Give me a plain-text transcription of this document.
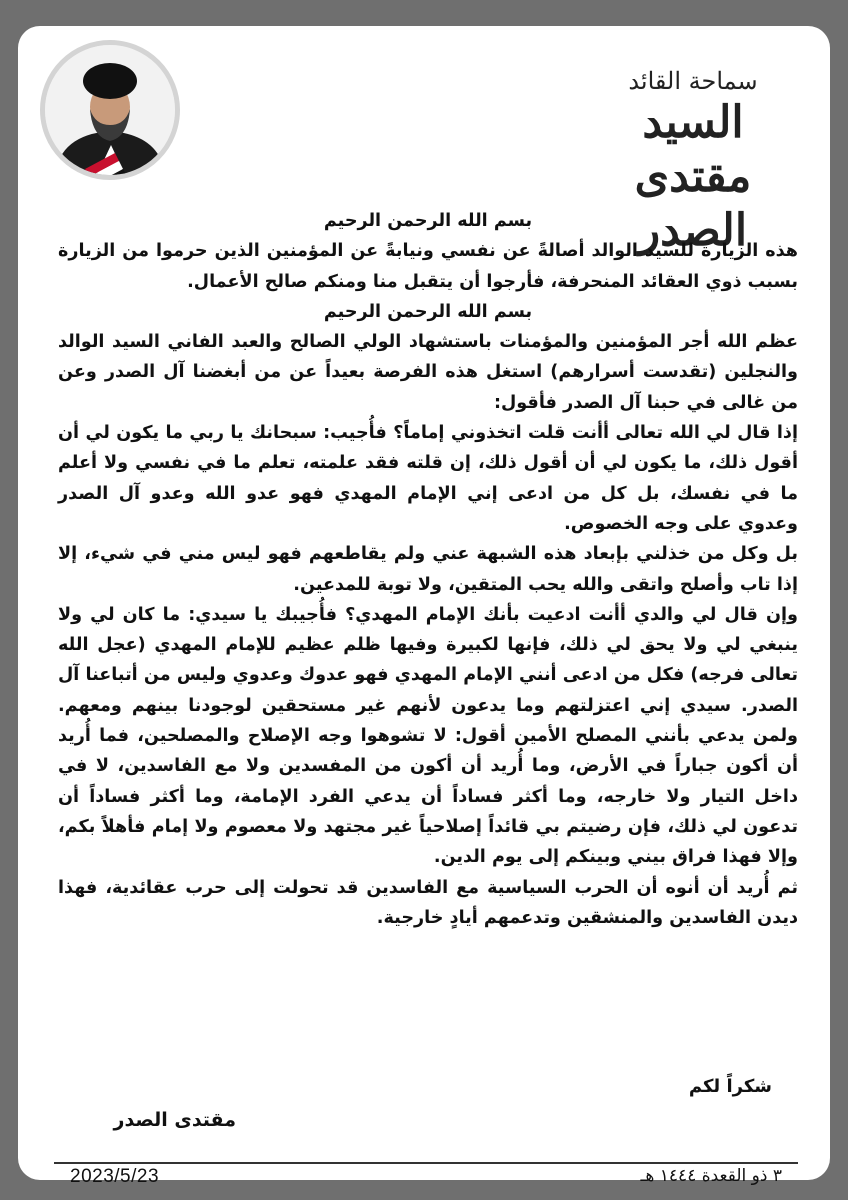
سماحة القائد
السيد مقتدى الصدر

بسم الله الرحمن الرحيم

هذه الزيارة للسيد الوالد أصالةً عن نفسي ونيابةً عن المؤمنين الذين حرموا من الزيارة بسبب ذوي العقائد المنحرفة، فأرجوا أن يتقبل منا ومنكم صالح الأعمال.

بسم الله الرحمن الرحيم

عظم الله أجر المؤمنين والمؤمنات باستشهاد الولي الصالح والعبد الفاني السيد الوالد والنجلين (تقدست أسرارهم) استغل هذه الفرصة بعيداً عن من أبغضنا آل الصدر وعن من غالى في حبنا آل الصدر فأقول:

إذا قال لي الله تعالى أأنت قلت اتخذوني إماماً؟ فأُجيب: سبحانك يا ربي ما يكون لي أن أقول ذلك، ما يكون لي أن أقول ذلك، إن قلته فقد علمته، تعلم ما في نفسي ولا أعلم ما في نفسك، بل كل من ادعى إني الإمام المهدي فهو عدو الله وعدو آل الصدر وعدوي على وجه الخصوص.

بل وكل من خذلني بإبعاد هذه الشبهة عني ولم يقاطعهم فهو ليس مني في شيء، إلا إذا تاب وأصلح واتقى والله يحب المتقين، ولا توبة للمدعين.

وإن قال لي والدي أأنت ادعيت بأنك الإمام المهدي؟ فأُجيبك يا سيدي: ما كان لي ولا ينبغي لي ولا يحق لي ذلك، فإنها لكبيرة وفيها ظلم عظيم للإمام المهدي (عجل الله تعالى فرجه) فكل من ادعى أنني الإمام المهدي فهو عدوك وعدوي وليس من أتباعنا آل الصدر. سيدي إني اعتزلتهم وما يدعون لأنهم غير مستحقين لوجودنا بينهم ومعهم. ولمن يدعي بأنني المصلح الأمين أقول: لا تشوهوا وجه الإصلاح والمصلحين، فما أُريد أن أكون جباراً في الأرض، وما أُريد أن أكون من المفسدين ولا مع الفاسدين، لا في داخل التيار ولا خارجه، وما أكثر فساداً أن يدعي الفرد الإمامة، وما أكثر فساداً أن تدعون لي ذلك، فإن رضيتم بي قائداً إصلاحياً غير مجتهد ولا معصوم ولا إمام فأهلاً بكم، وإلا فهذا فراق بيني وبينكم إلى يوم الدين.

ثم أُريد أن أنوه أن الحرب السياسية مع الفاسدين قد تحولت إلى حرب عقائدية، فهذا ديدن الفاسدين والمنشقين وتدعمهم أيادٍ خارجية.

شكراً لكم
مقتدى الصدر
2023/5/23	٣ ذو القعدة ١٤٤٤ هـ
